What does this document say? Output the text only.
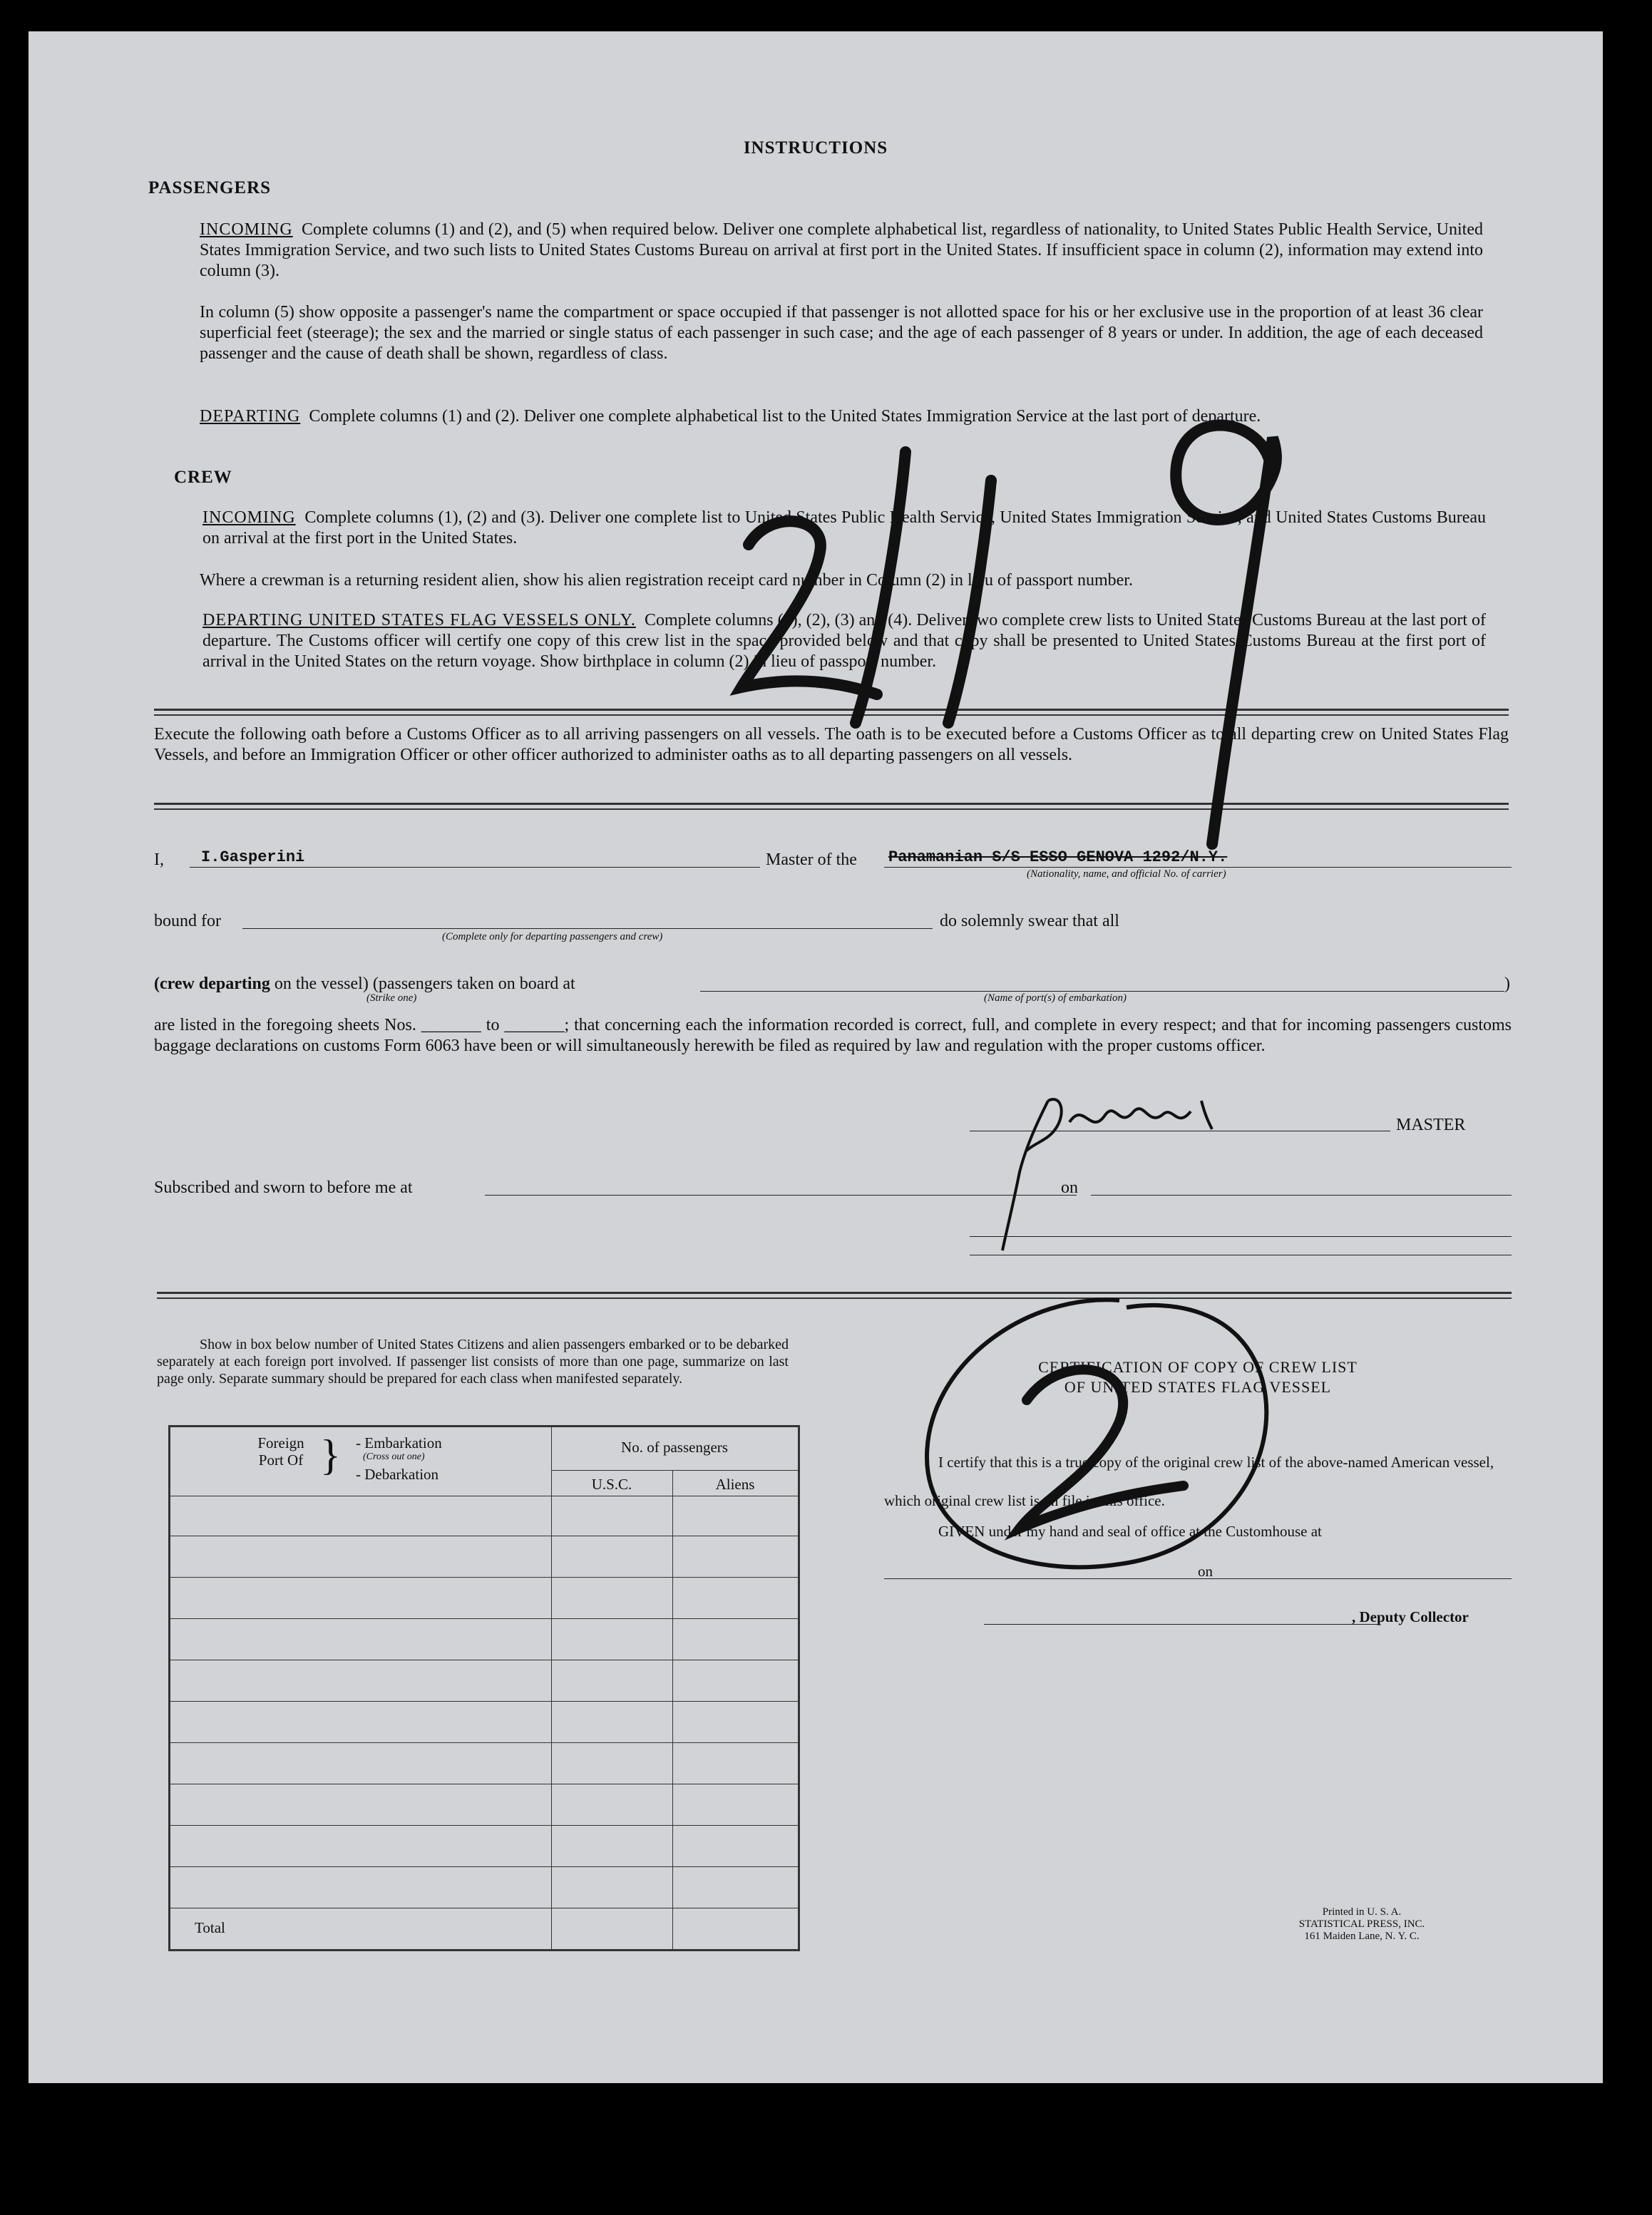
INSTRUCTIONS
PASSENGERS
INCOMING Complete columns (1) and (2), and (5) when required below. Deliver one complete alphabetical list, regardless of nationality, to United States Public Health Service, United States Immigration Service, and two such lists to United States Customs Bureau on arrival at first port in the United States. If insufficient space in column (2), information may extend into column (3).
In column (5) show opposite a passenger's name the compartment or space occupied if that passenger is not allotted space for his or her exclusive use in the proportion of at least 36 clear superficial feet (steerage); the sex and the married or single status of each passenger in such case; and the age of each passenger of 8 years or under. In addition, the age of each deceased passenger and the cause of death shall be shown, regardless of class.
DEPARTING Complete columns (1) and (2). Deliver one complete alphabetical list to the United States Immigration Service at the last port of departure.
CREW
INCOMING Complete columns (1), (2) and (3). Deliver one complete list to United States Public Health Service, United States Immigration Service, and United States Customs Bureau on arrival at the first port in the United States.
Where a crewman is a returning resident alien, show his alien registration receipt card number in Column (2) in lieu of passport number.
DEPARTING UNITED STATES FLAG VESSELS ONLY. Complete columns (1), (2), (3) and (4). Deliver two complete crew lists to United States Customs Bureau at the last port of departure. The Customs officer will certify one copy of this crew list in the space provided below and that copy shall be presented to United States Customs Bureau at the first port of arrival in the United States on the return voyage. Show birthplace in column (2) in lieu of passport number.
Execute the following oath before a Customs Officer as to all arriving passengers on all vessels. The oath is to be executed before a Customs Officer as to all departing crew on United States Flag Vessels, and before an Immigration Officer or other officer authorized to administer oaths as to all departing passengers on all vessels.
I, I.Gasperini	Master of the Panamanian S/S ESSO GENOVA 1292/N.Y.
(Nationality, name, and official No. of carrier)
bound for
(Complete only for departing passengers and crew)
do solemnly swear that all
(crew departing on the vessel) (passengers taken on board at	)
(Strike one)	(Name of port(s) of embarkation)
are listed in the foregoing sheets Nos. _______ to _______; that concerning each the information recorded is correct, full, and complete in every respect; and that for incoming passengers customs baggage declarations on customs Form 6063 have been or will simultaneously herewith be filed as required by law and regulation with the proper customs officer.
MASTER
Subscribed and sworn to before me at	on
Show in box below number of United States Citizens and alien passengers embarked or to be debarked separately at each foreign port involved. If passenger list consists of more than one page, summarize on last page only. Separate summary should be prepared for each class when manifested separately.
Foreign Port Of } - Embarkation
(Cross out one)
- Debarkation
No. of passengers
U.S.C.	Aliens
Total
CERTIFICATION OF COPY OF CREW LIST
OF UNITED STATES FLAG VESSEL
I certify that this is a true copy of the original crew list of the above-named American vessel, which original crew list is on file in this office.
GIVEN under my hand and seal of office at the Customhouse at
on
, Deputy Collector
Printed in U. S. A.
STATISTICAL PRESS, INC.
161 Maiden Lane, N. Y. C.
